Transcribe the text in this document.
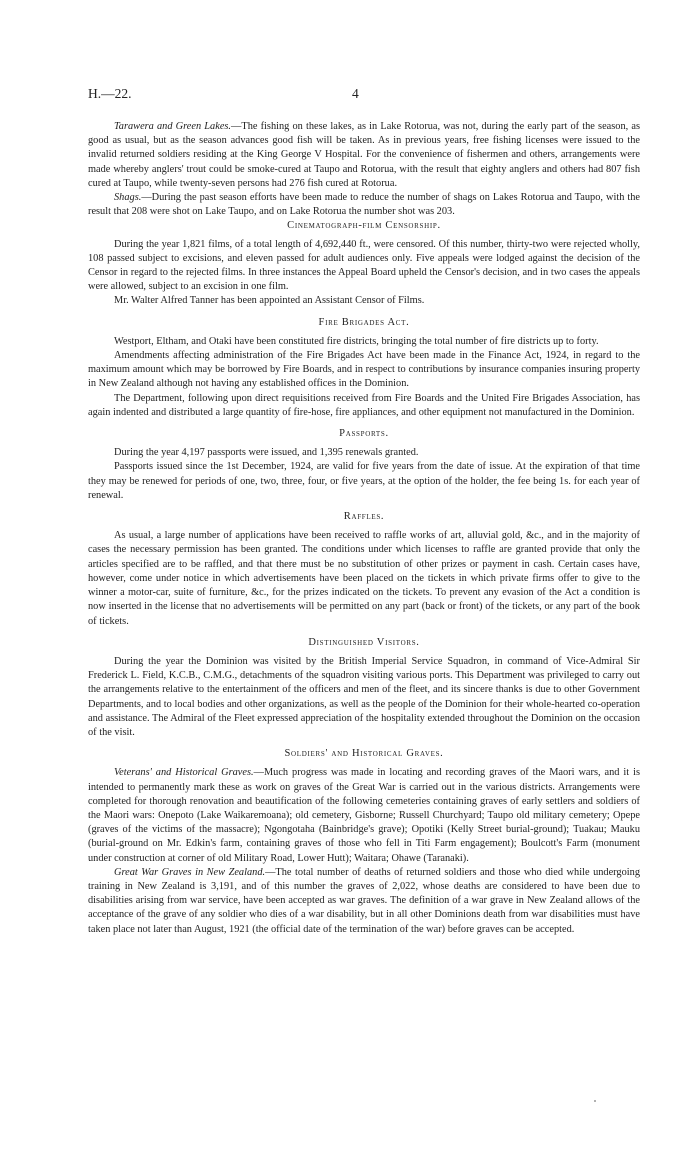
H.—22.	4

Tarawera and Green Lakes.—The fishing on these lakes, as in Lake Rotorua, was not, during the early part of the season, as good as usual, but as the season advances good fish will be taken. As in previous years, free fishing licenses were issued to the invalid returned soldiers residing at the King George V Hospital. For the convenience of fishermen and others, arrangements were made whereby anglers' trout could be smoke-cured at Taupo and Rotorua, with the result that eighty anglers and others had 807 fish cured at Taupo, while twenty-seven persons had 276 fish cured at Rotorua.

Shags.—During the past season efforts have been made to reduce the number of shags on Lakes Rotorua and Taupo, with the result that 208 were shot on Lake Taupo, and on Lake Rotorua the number shot was 203.

Cinematograph-film Censorship.

During the year 1,821 films, of a total length of 4,692,440 ft., were censored. Of this number, thirty-two were rejected wholly, 108 passed subject to excisions, and eleven passed for adult audiences only. Five appeals were lodged against the decision of the Censor in regard to the rejected films. In three instances the Appeal Board upheld the Censor's decision, and in two cases the appeals were allowed, subject to an excision in one film.

Mr. Walter Alfred Tanner has been appointed an Assistant Censor of Films.

Fire Brigades Act.

Westport, Eltham, and Otaki have been constituted fire districts, bringing the total number of fire districts up to forty.

Amendments affecting administration of the Fire Brigades Act have been made in the Finance Act, 1924, in regard to the maximum amount which may be borrowed by Fire Boards, and in respect to contributions by insurance companies insuring property in New Zealand although not having any established offices in the Dominion.

The Department, following upon direct requisitions received from Fire Boards and the United Fire Brigades Association, has again indented and distributed a large quantity of fire-hose, fire appliances, and other equipment not manufactured in the Dominion.

Passports.

During the year 4,197 passports were issued, and 1,395 renewals granted.

Passports issued since the 1st December, 1924, are valid for five years from the date of issue. At the expiration of that time they may be renewed for periods of one, two, three, four, or five years, at the option of the holder, the fee being 1s. for each year of renewal.

Raffles.

As usual, a large number of applications have been received to raffle works of art, alluvial gold, &c., and in the majority of cases the necessary permission has been granted. The conditions under which licenses to raffle are granted provide that only the articles specified are to be raffled, and that there must be no substitution of other prizes or payment in cash. Certain cases have, however, come under notice in which advertisements have been placed on the tickets in which private firms offer to give to the winner a motor-car, suite of furniture, &c., for the prizes indicated on the tickets. To prevent any evasion of the Act a condition is now inserted in the license that no advertisements will be permitted on any part (back or front) of the tickets, or any part of the book of tickets.

Distinguished Visitors.

During the year the Dominion was visited by the British Imperial Service Squadron, in command of Vice-Admiral Sir Frederick L. Field, K.C.B., C.M.G., detachments of the squadron visiting various ports. This Department was privileged to carry out the arrangements relative to the entertainment of the officers and men of the fleet, and its sincere thanks is due to other Government Departments, and to local bodies and other organizations, as well as the people of the Dominion for their whole-hearted co-operation and assistance. The Admiral of the Fleet expressed appreciation of the hospitality extended throughout the Dominion on the occasion of the visit.

Soldiers' and Historical Graves.

Veterans' and Historical Graves.—Much progress was made in locating and recording graves of the Maori wars, and it is intended to permanently mark these as work on graves of the Great War is carried out in the various districts. Arrangements were completed for thorough renovation and beautification of the following cemeteries containing graves of early settlers and soldiers of the Maori wars: Onepoto (Lake Waikaremoana); old cemetery, Gisborne; Russell Churchyard; Taupo old military cemetery; Opepe (graves of the victims of the massacre); Ngongotaha (Bainbridge's grave); Opotiki (Kelly Street burial-ground); Tuakau; Mauku (burial-ground on Mr. Edkin's farm, containing graves of those who fell in Titi Farm engagement); Boulcott's Farm (monument under construction at corner of old Military Road, Lower Hutt); Waitara; Ohawe (Taranaki).

Great War Graves in New Zealand.—The total number of deaths of returned soldiers and those who died while undergoing training in New Zealand is 3,191, and of this number the graves of 2,022, whose deaths are considered to have been due to disabilities arising from war service, have been accepted as war graves. The definition of a war grave in New Zealand allows of the acceptance of the grave of any soldier who dies of a war disability, but in all other Dominions death from war disabilities must have taken place not later than August, 1921 (the official date of the termination of the war) before graves can be accepted.
